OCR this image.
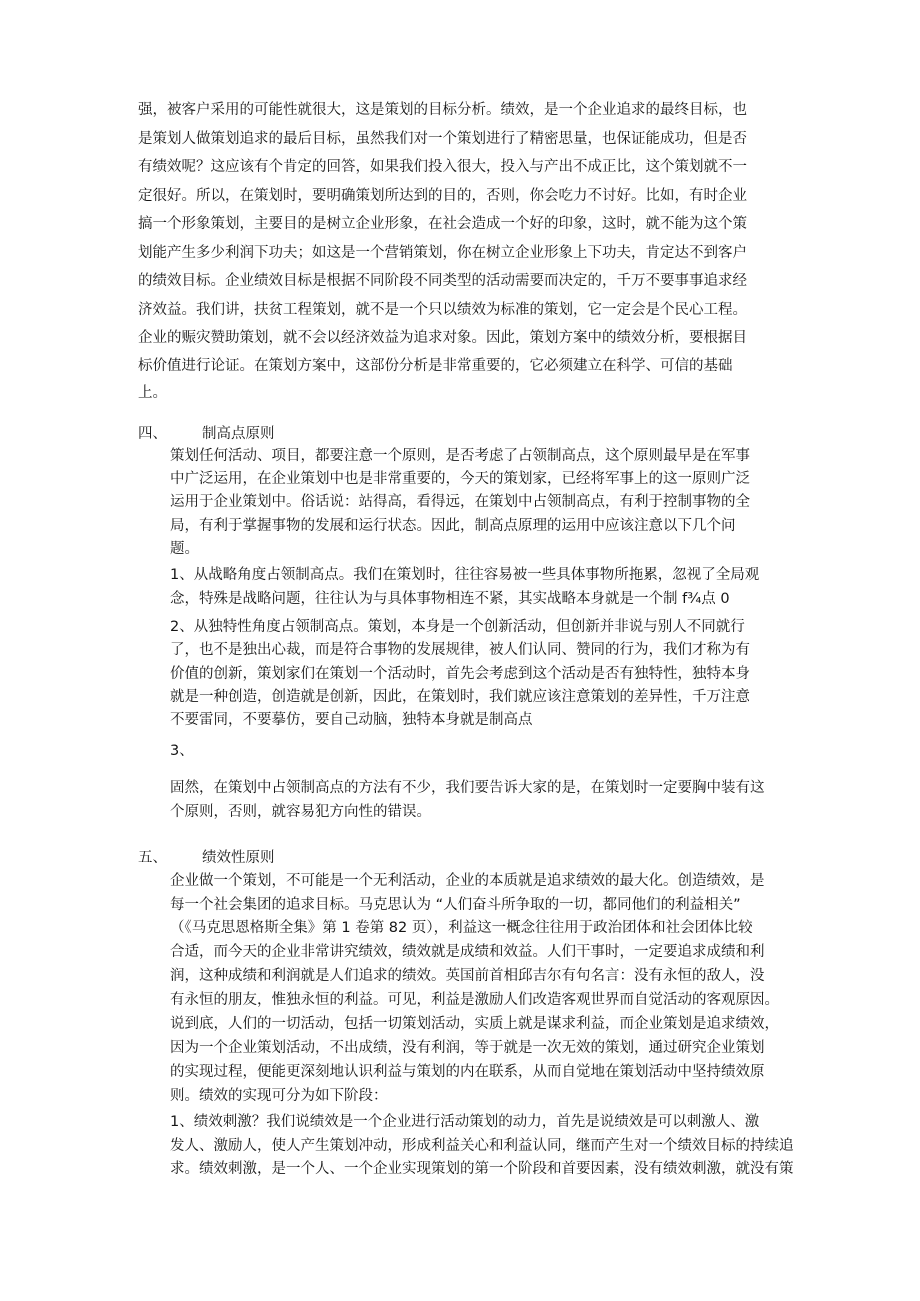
强，被客户采用的可能性就很大，这是策划的目标分析。绩效，是一个企业追求的最终目标，也
是策划人做策划追求的最后目标，虽然我们对一个策划进行了精密思量，也保证能成功，但是否
有绩效呢？这应该有个肯定的回答，如果我们投入很大，投入与产出不成正比，这个策划就不一
定很好。所以，在策划时，要明确策划所达到的目的，否则，你会吃力不讨好。比如，有时企业
搞一个形象策划，主要目的是树立企业形象，在社会造成一个好的印象，这时，就不能为这个策
划能产生多少利润下功夫；如这是一个营销策划，你在树立企业形象上下功夫，肯定达不到客户
的绩效目标。企业绩效目标是根据不同阶段不同类型的活动需要而决定的，千万不要事事追求经
济效益。我们讲，扶贫工程策划，就不是一个只以绩效为标准的策划，它一定会是个民心工程。
企业的赈灾赞助策划，就不会以经济效益为追求对象。因此，策划方案中的绩效分析，要根据目
标价值进行论证。在策划方案中，这部份分析是非常重要的，它必须建立在科学、可信的基础
上。
四、 制高点原则
策划任何活动、项目，都要注意一个原则，是否考虑了占领制高点，这个原则最早是在军事
中广泛运用，在企业策划中也是非常重要的，今天的策划家，已经将军事上的这一原则广泛
运用于企业策划中。俗话说：站得高，看得远，在策划中占领制高点，有利于控制事物的全
局，有利于掌握事物的发展和运行状态。因此，制高点原理的运用中应该注意以下几个问
题。
1、从战略角度占领制高点。我们在策划时，往往容易被一些具体事物所拖累，忽视了全局观
念，特殊是战略问题，往往认为与具体事物相连不紧，其实战略本身就是一个制 f¾点 0
2、从独特性角度占领制高点。策划，本身是一个创新活动，但创新并非说与别人不同就行
了，也不是独出心裁，而是符合事物的发展规律，被人们认同、赞同的行为，我们才称为有
价值的创新，策划家们在策划一个活动时，首先会考虑到这个活动是否有独特性，独特本身
就是一种创造，创造就是创新，因此，在策划时，我们就应该注意策划的差异性，千万注意
不要雷同，不要摹仿，要自己动脑，独特本身就是制高点
3、
固然，在策划中占领制高点的方法有不少，我们要告诉大家的是，在策划时一定要胸中装有这
个原则，否则，就容易犯方向性的错误。
五、 绩效性原则
企业做一个策划，不可能是一个无利活动，企业的本质就是追求绩效的最大化。创造绩效，是
每一个社会集团的追求目标。马克思认为 “人们奋斗所争取的一切，都同他们的利益相关”
（《马克思恩格斯全集》第 1 卷第 82 页），利益这一概念往往用于政治团体和社会团体比较
合适，而今天的企业非常讲究绩效，绩效就是成绩和效益。人们干事时，一定要追求成绩和利
润，这种成绩和利润就是人们追求的绩效。英国前首相邱吉尔有句名言：没有永恒的敌人，没
有永恒的朋友，惟独永恒的利益。可见，利益是激励人们改造客观世界而自觉活动的客观原因。
说到底，人们的一切活动，包括一切策划活动，实质上就是谋求利益，而企业策划是追求绩效，
因为一个企业策划活动，不出成绩，没有利润，等于就是一次无效的策划，通过研究企业策划
的实现过程，便能更深刻地认识利益与策划的内在联系，从而自觉地在策划活动中坚持绩效原
则。绩效的实现可分为如下阶段：
1、绩效刺激？我们说绩效是一个企业进行活动策划的动力，首先是说绩效是可以刺激人、激
发人、激励人，使人产生策划冲动，形成利益关心和利益认同，继而产生对一个绩效目标的持续追
求。绩效刺激，是一个人、一个企业实现策划的第一个阶段和首要因素，没有绩效刺激，就没有策
